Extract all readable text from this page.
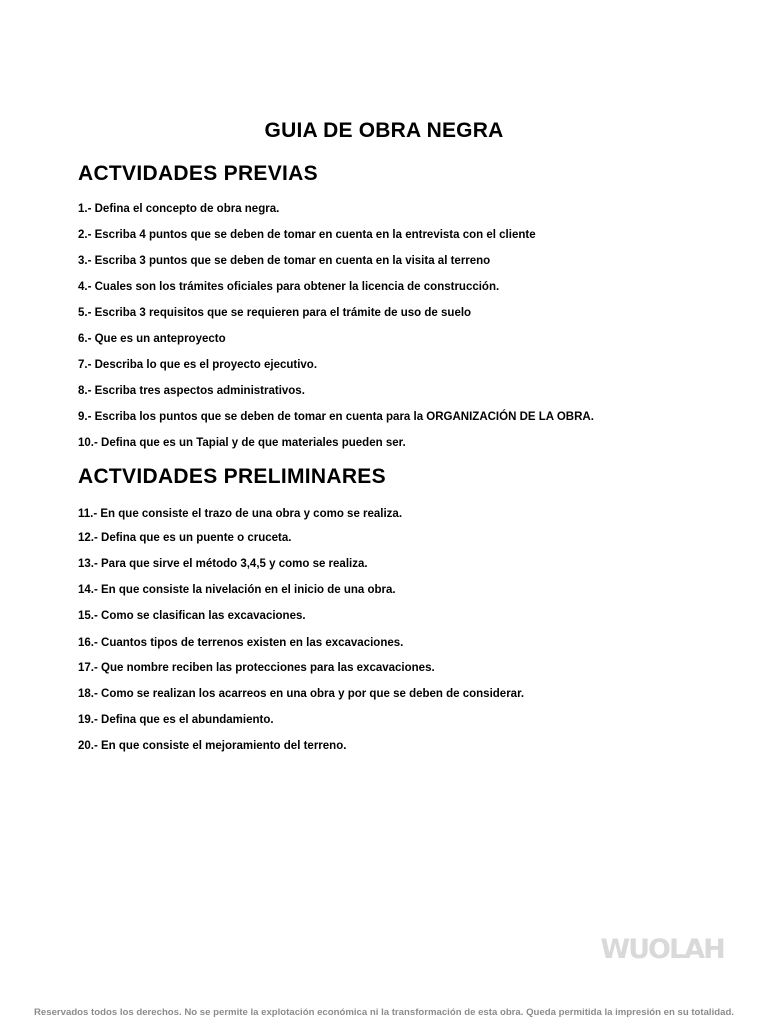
GUIA DE OBRA NEGRA
ACTVIDADES PREVIAS
1.- Defina el concepto de obra negra.
2.- Escriba 4 puntos que se deben de tomar en cuenta en la entrevista con el cliente
3.- Escriba 3 puntos que se deben de tomar en cuenta en la visita al terreno
4.- Cuales son los trámites oficiales para obtener la licencia de construcción.
5.- Escriba 3 requisitos que se requieren para el trámite de uso de suelo
6.- Que es un anteproyecto
7.- Describa lo que es el proyecto ejecutivo.
8.- Escriba tres aspectos administrativos.
9.- Escriba los puntos que se deben de tomar en cuenta para la ORGANIZACIÓN DE LA OBRA.
10.- Defina que es un Tapial y de que materiales pueden ser.
ACTVIDADES PRELIMINARES
11.- En que consiste el trazo de una obra y como se realiza.
12.- Defina que es un puente o cruceta.
13.- Para que sirve el método 3,4,5 y como se realiza.
14.- En que consiste la nivelación en el inicio de una obra.
15.- Como se clasifican las excavaciones.
16.- Cuantos tipos de terrenos existen en las excavaciones.
17.- Que nombre reciben las protecciones para las excavaciones.
18.- Como se realizan los acarreos en una obra y por que se deben de considerar.
19.- Defina que es el abundamiento.
20.- En que consiste el mejoramiento del terreno.
WUOLAH
Reservados todos los derechos. No se permite la explotación económica ni la transformación de esta obra. Queda permitida la impresión en su totalidad.
